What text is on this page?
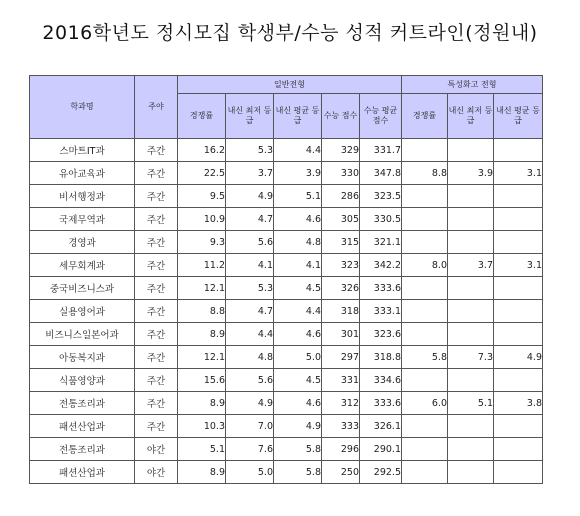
2016학년도 정시모집 학생부/수능 성적 커트라인(정원내)
학과명	주야	일반전형					특성화고 전형		
		경쟁률	내신 최저 등급	내신 평균 등급	수능 점수	수능 평균 점수	경쟁률	내신 최저 등급	내신 평균 등급
스마트IT과	주간	16.2	5.3	4.4	329	331.7			
유아교육과	주간	22.5	3.7	3.9	330	347.8	8.8	3.9	3.1
비서행정과	주간	9.5	4.9	5.1	286	323.5			
국제무역과	주간	10.9	4.7	4.6	305	330.5			
경영과	주간	9.3	5.6	4.8	315	321.1			
세무회계과	주간	11.2	4.1	4.1	323	342.2	8.0	3.7	3.1
중국비즈니스과	주간	12.1	5.3	4.5	326	333.6			
실용영어과	주간	8.8	4.7	4.4	318	333.1			
비즈니스일본어과	주간	8.9	4.4	4.6	301	323.6			
아동복지과	주간	12.1	4.8	5.0	297	318.8	5.8	7.3	4.9
식품영양과	주간	15.6	5.6	4.5	331	334.6			
전통조리과	주간	8.9	4.9	4.6	312	333.6	6.0	5.1	3.8
패션산업과	주간	10.3	7.0	4.9	333	326.1			
전통조리과	야간	5.1	7.6	5.8	296	290.1			
패션산업과	야간	8.9	5.0	5.8	250	292.5			
